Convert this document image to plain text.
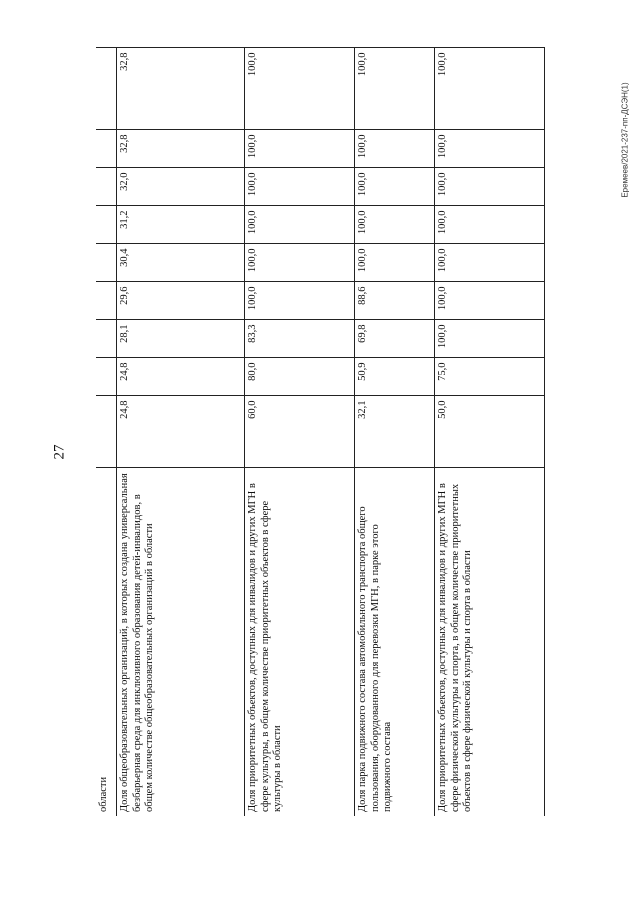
27
Еремеев/2021-237-пп-ДСЭН(1)
области									
Доля общеобразовательных организаций, в которых создана универсальная безбарьерная среда для инклюзивного образования детей-инвалидов, в общем количестве общеобразовательных организаций в области	24,8	24,8	28,1	29,6	30,4	31,2	32,0	32,8	32,8
Доля приоритетных объектов, доступных для инвалидов и других МГН в сфере культуры, в общем количестве приоритетных объектов в сфере культуры в области	60,0	80,0	83,3	100,0	100,0	100,0	100,0	100,0	100,0
Доля парка подвижного состава автомобильного транспорта общего пользования, оборудованного для перевозки МГН, в парке этого подвижного состава	32,1	50,9	69,8	88,6	100,0	100,0	100,0	100,0	100,0
Доля приоритетных объектов, доступных для инвалидов и других МГН в сфере физической культуры и спорта, в общем количестве приоритетных объектов в сфере физической культуры и спорта в области	50,0	75,0	100,0	100,0	100,0	100,0	100,0	100,0	100,0
